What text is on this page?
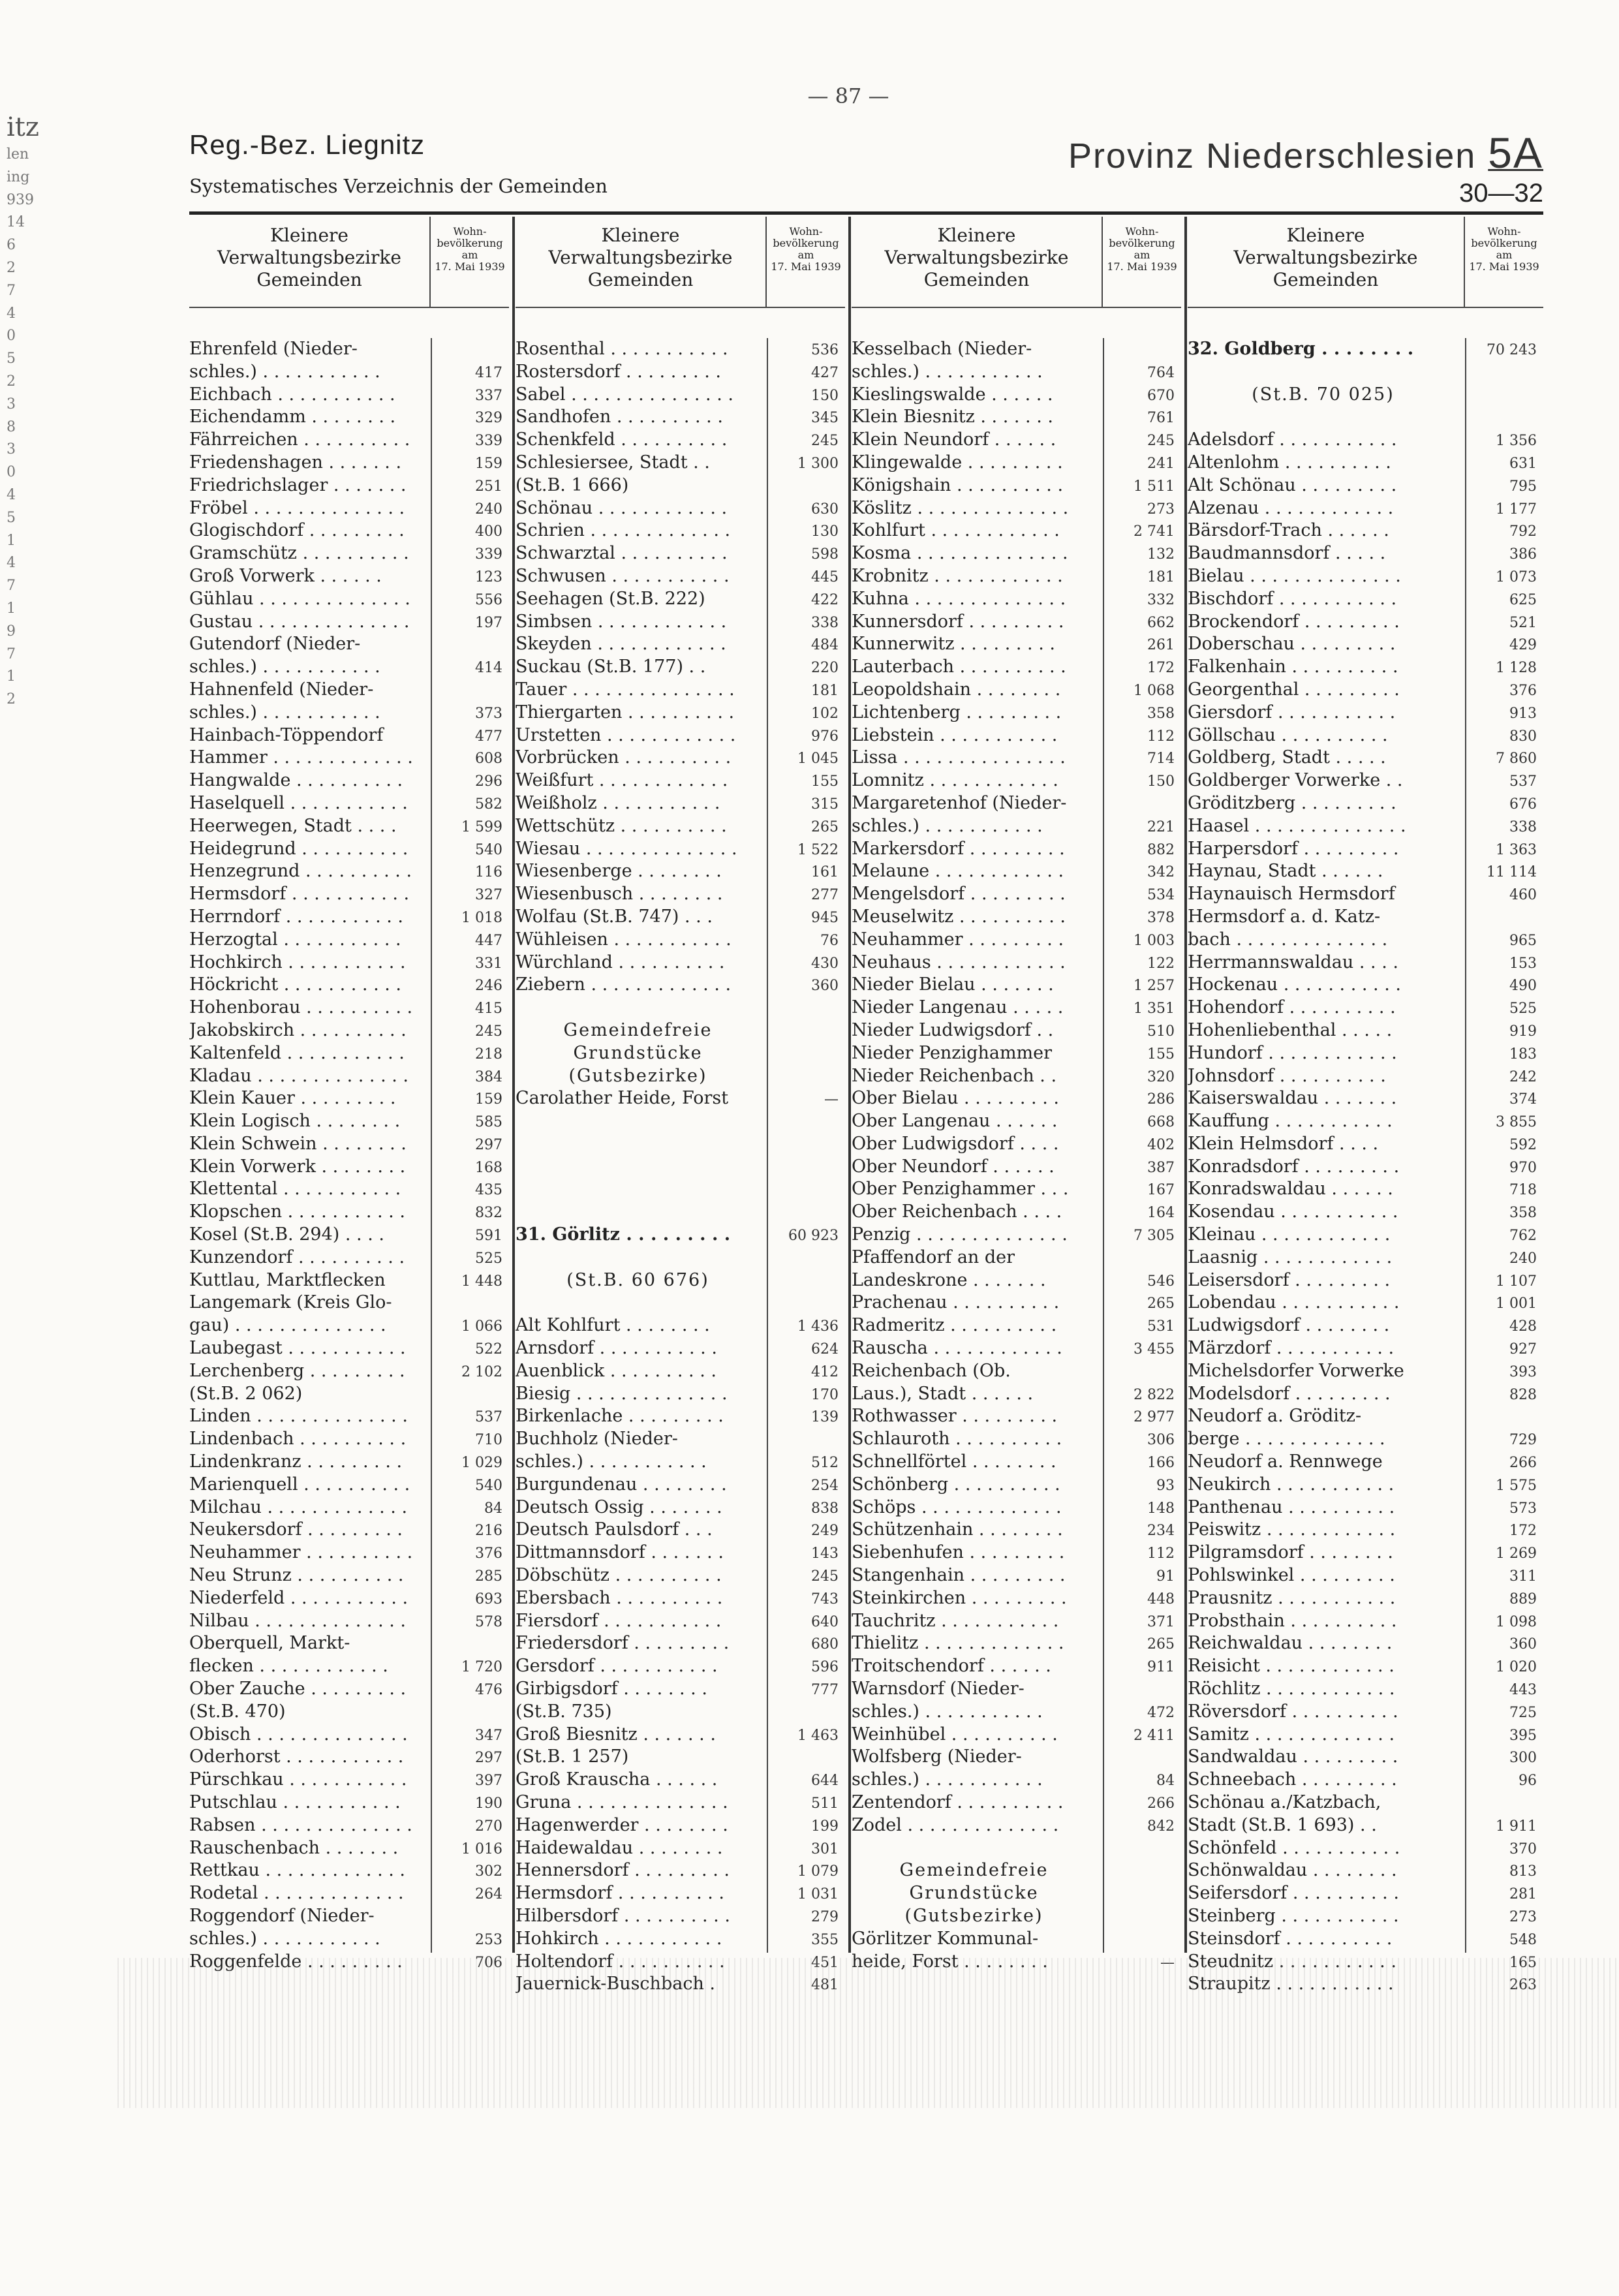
— 87 —
itz
len
ing
939
14
6
2
7
4
0
5
2
3
8
3
0
4
5
1
4
7
1
9
7
1
2
Reg.-Bez. Liegnitz
Systematisches Verzeichnis der Gemeinden
Provinz Niederschlesien 5A
30—32
Kleinere
Verwaltungsbezirke
Gemeinden
Wohn-
bevölkerung
am
17. Mai 1939
Ehrenfeld (Nieder-
schles.) . . . . . . . . . . .	417
Eichbach . . . . . . . . . . .	337
Eichendamm . . . . . . . .	329
Fährreichen . . . . . . . . . .	339
Friedenshagen . . . . . . .	159
Friedrichslager . . . . . . .	251
Fröbel . . . . . . . . . . . . . .	240
Glogischdorf . . . . . . . . .	400
Gramschütz . . . . . . . . . .	339
Groß Vorwerk . . . . . .	123
Gühlau . . . . . . . . . . . . . .	556
Gustau . . . . . . . . . . . . . .	197
Gutendorf (Nieder-
schles.) . . . . . . . . . . .	414
Hahnenfeld (Nieder-
schles.) . . . . . . . . . . .	373
Hainbach-Töppendorf	477
Hammer . . . . . . . . . . . . .	608
Hangwalde . . . . . . . . . .	296
Haselquell . . . . . . . . . . .	582
Heerwegen, Stadt . . . .	1 599
Heidegrund . . . . . . . . . .	540
Henzegrund . . . . . . . . . .	116
Hermsdorf . . . . . . . . . . .	327
Herrndorf . . . . . . . . . . .	1 018
Herzogtal . . . . . . . . . . .	447
Hochkirch . . . . . . . . . . .	331
Höckricht . . . . . . . . . . .	246
Hohenborau . . . . . . . . . .	415
Jakobskirch . . . . . . . . . .	245
Kaltenfeld . . . . . . . . . . .	218
Kladau . . . . . . . . . . . . . .	384
Klein Kauer . . . . . . . . .	159
Klein Logisch . . . . . . . .	585
Klein Schwein . . . . . . . .	297
Klein Vorwerk . . . . . . . .	168
Klettental . . . . . . . . . . .	435
Klopschen . . . . . . . . . . .	832
Kosel (St.B. 294) . . . .	591
Kunzendorf . . . . . . . . . .	525
Kuttlau, Marktflecken	1 448
Langemark (Kreis Glo-
gau) . . . . . . . . . . . . . .	1 066
Laubegast . . . . . . . . . . .	522
Lerchenberg . . . . . . . . .	2 102
(St.B. 2 062)
Linden . . . . . . . . . . . . . .	537
Lindenbach . . . . . . . . . .	710
Lindenkranz . . . . . . . . .	1 029
Marienquell . . . . . . . . . .	540
Milchau . . . . . . . . . . . . .	84
Neukersdorf . . . . . . . . .	216
Neuhammer . . . . . . . . . .	376
Neu Strunz . . . . . . . . . .	285
Niederfeld . . . . . . . . . . .	693
Nilbau . . . . . . . . . . . . . .	578
Oberquell, Markt-
flecken . . . . . . . . . . . .	1 720
Ober Zauche . . . . . . . . .	476
(St.B. 470)
Obisch . . . . . . . . . . . . . .	347
Oderhorst . . . . . . . . . . .	297
Pürschkau . . . . . . . . . . .	397
Putschlau . . . . . . . . . . .	190
Rabsen . . . . . . . . . . . . . .	270
Rauschenbach . . . . . . .	1 016
Rettkau . . . . . . . . . . . . .	302
Rodetal . . . . . . . . . . . . .	264
Roggendorf (Nieder-
schles.) . . . . . . . . . . .	253
Roggenfelde . . . . . . . . .	706
Kleinere
Verwaltungsbezirke
Gemeinden
Wohn-
bevölkerung
am
17. Mai 1939
Rosenthal . . . . . . . . . . .	536
Rostersdorf . . . . . . . . .	427
Sabel . . . . . . . . . . . . . . .	150
Sandhofen . . . . . . . . . .	345
Schenkfeld . . . . . . . . . .	245
Schlesiersee, Stadt . .	1 300
(St.B. 1 666)
Schönau . . . . . . . . . . . .	630
Schrien . . . . . . . . . . . . .	130
Schwarztal . . . . . . . . . .	598
Schwusen . . . . . . . . . . .	445
Seehagen (St.B. 222)	422
Simbsen . . . . . . . . . . . .	338
Skeyden . . . . . . . . . . . .	484
Suckau (St.B. 177) . .	220
Tauer . . . . . . . . . . . . . . .	181
Thiergarten . . . . . . . . . .	102
Urstetten . . . . . . . . . . . .	976
Vorbrücken . . . . . . . . . .	1 045
Weißfurt . . . . . . . . . . . .	155
Weißholz . . . . . . . . . . .	315
Wettschütz . . . . . . . . . .	265
Wiesau . . . . . . . . . . . . . .	1 522
Wiesenberge . . . . . . . .	161
Wiesenbusch . . . . . . . .	277
Wolfau (St.B. 747) . . .	945
Wühleisen . . . . . . . . . . .	76
Würchland . . . . . . . . . .	430
Ziebern . . . . . . . . . . . . .	360
Gemeindefreie
Grundstücke
(Gutsbezirke)
Carolather Heide, Forst	—
31. Görlitz . . . . . . . . .	60 923
(St.B. 60 676)
Alt Kohlfurt . . . . . . . .	1 436
Arnsdorf . . . . . . . . . . .	624
Auenblick . . . . . . . . . .	412
Biesig . . . . . . . . . . . . . .	170
Birkenlache . . . . . . . . .	139
Buchholz (Nieder-
schles.) . . . . . . . . . . .	512
Burgundenau . . . . . . . .	254
Deutsch Ossig . . . . . . .	838
Deutsch Paulsdorf . . .	249
Dittmannsdorf . . . . . . .	143
Döbschütz . . . . . . . . . .	245
Ebersbach . . . . . . . . . .	743
Fiersdorf . . . . . . . . . . .	640
Friedersdorf . . . . . . . . .	680
Gersdorf . . . . . . . . . . .	596
Girbigsdorf . . . . . . . .	777
(St.B. 735)
Groß Biesnitz . . . . . . .	1 463
(St.B. 1 257)
Groß Krauscha . . . . . .	644
Gruna . . . . . . . . . . . . . .	511
Hagenwerder . . . . . . . .	199
Haidewaldau . . . . . . . .	301
Hennersdorf . . . . . . . . .	1 079
Hermsdorf . . . . . . . . . .	1 031
Hilbersdorf . . . . . . . . . .	279
Hohkirch . . . . . . . . . . .	355
Holtendorf . . . . . . . . . .	451
Jauernick-Buschbach .	481
Kleinere
Verwaltungsbezirke
Gemeinden
Wohn-
bevölkerung
am
17. Mai 1939
Kesselbach (Nieder-
schles.) . . . . . . . . . . .	764
Kieslingswalde . . . . . .	670
Klein Biesnitz . . . . . . .	761
Klein Neundorf . . . . . .	245
Klingewalde . . . . . . . . .	241
Königshain . . . . . . . . . .	1 511
Köslitz . . . . . . . . . . . . . .	273
Kohlfurt . . . . . . . . . . . .	2 741
Kosma . . . . . . . . . . . . . .	132
Krobnitz . . . . . . . . . . . .	181
Kuhna . . . . . . . . . . . . . .	332
Kunnersdorf . . . . . . . . .	662
Kunnerwitz . . . . . . . . .	261
Lauterbach . . . . . . . . . .	172
Leopoldshain . . . . . . . .	1 068
Lichtenberg . . . . . . . . .	358
Liebstein . . . . . . . . . . .	112
Lissa . . . . . . . . . . . . . . .	714
Lomnitz . . . . . . . . . . . .	150
Margaretenhof (Nieder-
schles.) . . . . . . . . . . .	221
Markersdorf . . . . . . . . .	882
Melaune . . . . . . . . . . . .	342
Mengelsdorf . . . . . . . . .	534
Meuselwitz . . . . . . . . . .	378
Neuhammer . . . . . . . . .	1 003
Neuhaus . . . . . . . . . . . .	122
Nieder Bielau . . . . . . .	1 257
Nieder Langenau . . . . .	1 351
Nieder Ludwigsdorf . .	510
Nieder Penzighammer	155
Nieder Reichenbach . .	320
Ober Bielau . . . . . . . . .	286
Ober Langenau . . . . . .	668
Ober Ludwigsdorf . . . .	402
Ober Neundorf . . . . . .	387
Ober Penzighammer . . .	167
Ober Reichenbach . . . .	164
Penzig . . . . . . . . . . . . . .	7 305
Pfaffendorf an der
Landeskrone . . . . . . .	546
Prachenau . . . . . . . . . .	265
Radmeritz . . . . . . . . . .	531
Rauscha . . . . . . . . . . . .	3 455
Reichenbach (Ob.
Laus.), Stadt . . . . . .	2 822
Rothwasser . . . . . . . . .	2 977
Schlauroth . . . . . . . . . .	306
Schnellförtel . . . . . . . .	166
Schönberg . . . . . . . . . .	93
Schöps . . . . . . . . . . . . .	148
Schützenhain . . . . . . . .	234
Siebenhufen . . . . . . . . .	112
Stangenhain . . . . . . . . .	91
Steinkirchen . . . . . . . . .	448
Tauchritz . . . . . . . . . . .	371
Thielitz . . . . . . . . . . . . .	265
Troitschendorf . . . . . .	911
Warnsdorf (Nieder-
schles.) . . . . . . . . . . .	472
Weinhübel . . . . . . . . . .	2 411
Wolfsberg (Nieder-
schles.) . . . . . . . . . . .	84
Zentendorf . . . . . . . . . .	266
Zodel . . . . . . . . . . . . . .	842
Gemeindefreie
Grundstücke
(Gutsbezirke)
Görlitzer Kommunal-
heide, Forst . . . . . . . .	—
Kleinere
Verwaltungsbezirke
Gemeinden
Wohn-
bevölkerung
am
17. Mai 1939
32. Goldberg . . . . . . . .	70 243
(St.B. 70 025)
Adelsdorf . . . . . . . . . . .	1 356
Altenlohm . . . . . . . . . .	631
Alt Schönau . . . . . . . . .	795
Alzenau . . . . . . . . . . . .	1 177
Bärsdorf-Trach . . . . . .	792
Baudmannsdorf . . . . .	386
Bielau . . . . . . . . . . . . . .	1 073
Bischdorf . . . . . . . . . . .	625
Brockendorf . . . . . . . . .	521
Doberschau . . . . . . . . .	429
Falkenhain . . . . . . . . . .	1 128
Georgenthal . . . . . . . . .	376
Giersdorf . . . . . . . . . . .	913
Göllschau . . . . . . . . . .	830
Goldberg, Stadt . . . . .	7 860
Goldberger Vorwerke . .	537
Gröditzberg . . . . . . . . .	676
Haasel . . . . . . . . . . . . . .	338
Harpersdorf . . . . . . . . .	1 363
Haynau, Stadt . . . . . .	11 114
Haynauisch Hermsdorf	460
Hermsdorf a. d. Katz-
bach . . . . . . . . . . . . . .	965
Herrmannswaldau . . . .	153
Hockenau . . . . . . . . . . .	490
Hohendorf . . . . . . . . . .	525
Hohenliebenthal . . . . .	919
Hundorf . . . . . . . . . . . .	183
Johnsdorf . . . . . . . . . .	242
Kaiserswaldau . . . . . . .	374
Kauffung . . . . . . . . . . .	3 855
Klein Helmsdorf . . . .	592
Konradsdorf . . . . . . . . .	970
Konradswaldau . . . . . .	718
Kosendau . . . . . . . . . . .	358
Kleinau . . . . . . . . . . . .	762
Laasnig . . . . . . . . . . . .	240
Leisersdorf . . . . . . . . .	1 107
Lobendau . . . . . . . . . . .	1 001
Ludwigsdorf . . . . . . . .	428
Märzdorf . . . . . . . . . . .	927
Michelsdorfer Vorwerke	393
Modelsdorf . . . . . . . . .	828
Neudorf a. Gröditz-
berge . . . . . . . . . . . . .	729
Neudorf a. Rennwege	266
Neukirch . . . . . . . . . . .	1 575
Panthenau . . . . . . . . . .	573
Peiswitz . . . . . . . . . . . .	172
Pilgramsdorf . . . . . . . .	1 269
Pohlswinkel . . . . . . . . .	311
Prausnitz . . . . . . . . . . .	889
Probsthain . . . . . . . . . .	1 098
Reichwaldau . . . . . . . .	360
Reisicht . . . . . . . . . . . .	1 020
Röchlitz . . . . . . . . . . . .	443
Röversdorf . . . . . . . . . .	725
Samitz . . . . . . . . . . . . .	395
Sandwaldau . . . . . . . . .	300
Schneebach . . . . . . . . .	96
Schönau a./Katzbach,
Stadt (St.B. 1 693) . .	1 911
Schönfeld . . . . . . . . . . .	370
Schönwaldau . . . . . . . .	813
Seifersdorf . . . . . . . . . .	281
Steinberg . . . . . . . . . . .	273
Steinsdorf . . . . . . . . . .	548
Steudnitz . . . . . . . . . . .	165
Straupitz . . . . . . . . . . .	263
